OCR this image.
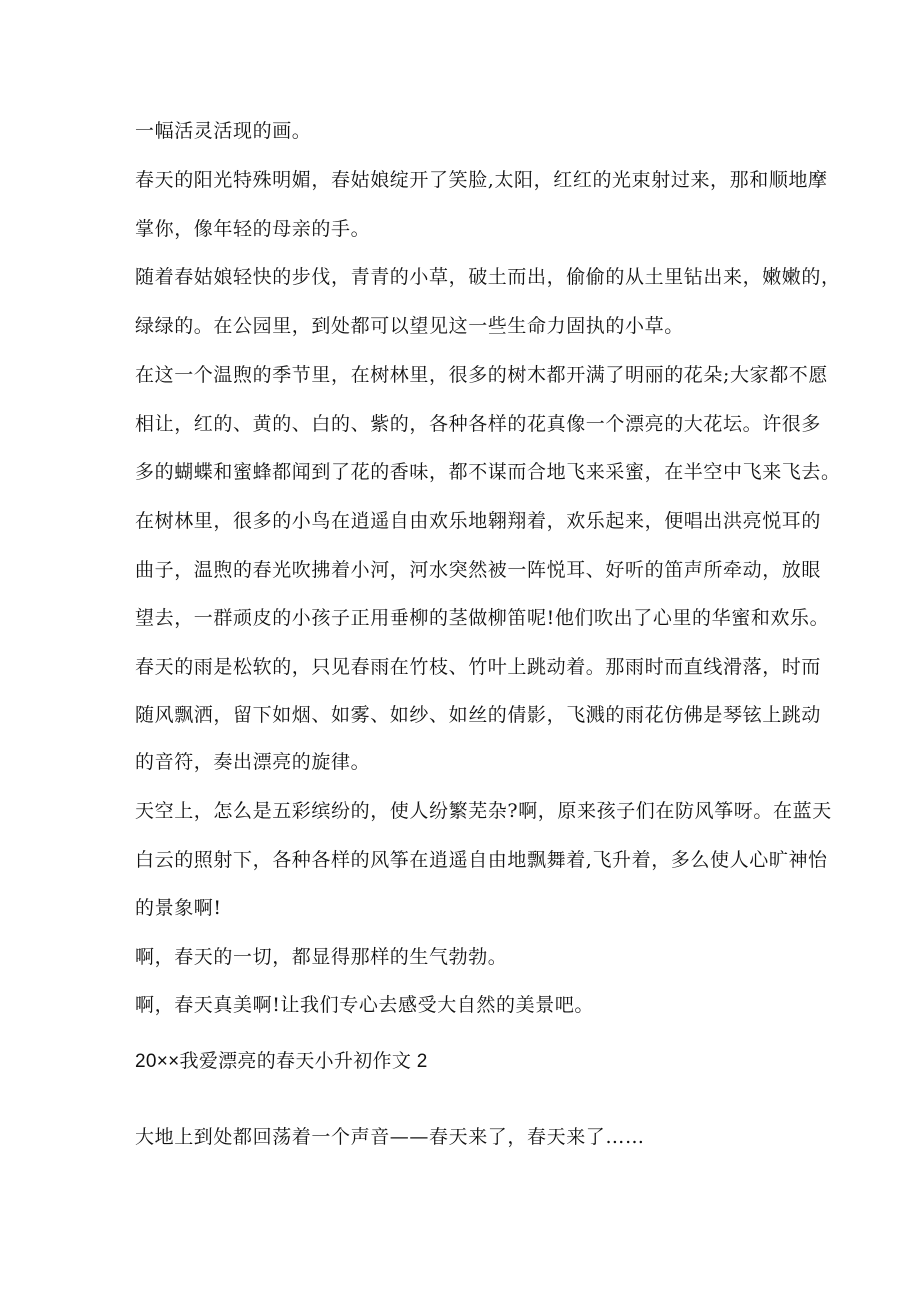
一幅活灵活现的画。
春天的阳光特殊明媚，春姑娘绽开了笑脸,太阳，红红的光束射过来，那和顺地摩
掌你，像年轻的母亲的手。
随着春姑娘轻快的步伐，青青的小草，破土而出，偷偷的从土里钻出来，嫩嫩的，
绿绿的。在公园里，到处都可以望见这一些生命力固执的小草。
在这一个温煦的季节里，在树林里，很多的树木都开满了明丽的花朵;大家都不愿
相让，红的、黄的、白的、紫的，各种各样的花真像一个漂亮的大花坛。许很多
多的蝴蝶和蜜蜂都闻到了花的香味，都不谋而合地飞来采蜜，在半空中飞来飞去。
在树林里，很多的小鸟在逍遥自由欢乐地翱翔着，欢乐起来，便唱出洪亮悦耳的
曲子，温煦的春光吹拂着小河，河水突然被一阵悦耳、好听的笛声所牵动，放眼
望去，一群顽皮的小孩子正用垂柳的茎做柳笛呢!他们吹出了心里的华蜜和欢乐。
春天的雨是松软的，只见春雨在竹枝、竹叶上跳动着。那雨时而直线滑落，时而
随风飘洒，留下如烟、如雾、如纱、如丝的倩影，飞溅的雨花仿佛是琴铉上跳动
的音符，奏出漂亮的旋律。
天空上，怎么是五彩缤纷的，使人纷繁芜杂?啊，原来孩子们在防风筝呀。在蓝天
白云的照射下，各种各样的风筝在逍遥自由地飘舞着,飞升着，多么使人心旷神怡
的景象啊!
啊，春天的一切，都显得那样的生气勃勃。
啊，春天真美啊!让我们专心去感受大自然的美景吧。
20××我爱漂亮的春天小升初作文 2
大地上到处都回荡着一个声音——春天来了，春天来了……
